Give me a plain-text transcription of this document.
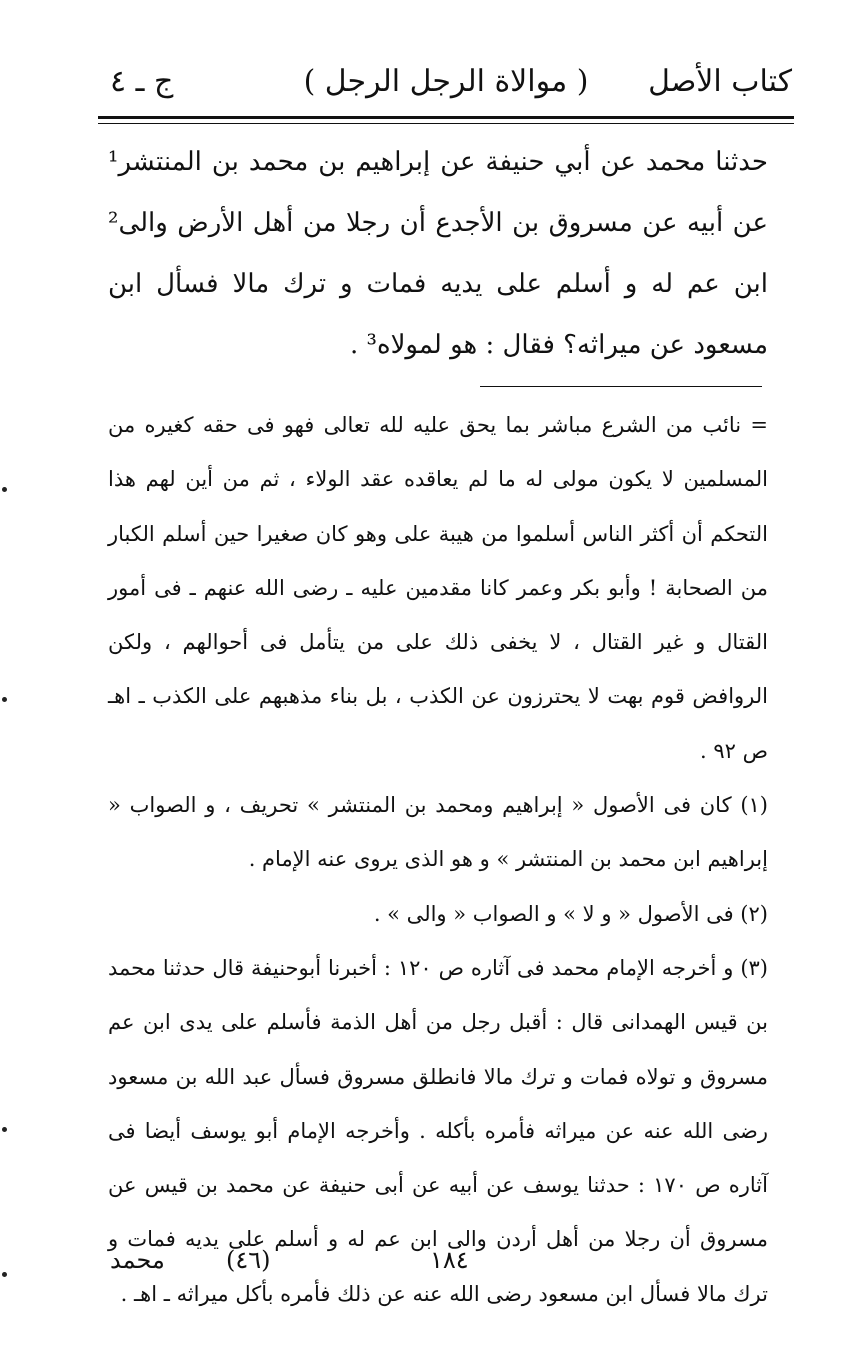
كتاب الأصل
( موالاة الرجل الرجل )
ج ـ ٤

حدثنا محمد عن أبي حنيفة عن إبراهيم بن محمد بن المنتشر¹ عن أبيه عن مسروق بن الأجدع أن رجلا من أهل الأرض والى² ابن عم له و أسلم على يديه فمات و ترك مالا فسأل ابن مسعود عن ميراثه؟ فقال : هو لمولاه³ .

= نائب من الشرع مباشر بما يحق عليه لله تعالى فهو فى حقه كغيره من المسلمين لا يكون مولى له ما لم يعاقده عقد الولاء ، ثم من أين لهم هذا التحكم أن أكثر الناس أسلموا من هيبة على وهو كان صغيرا حين أسلم الكبار من الصحابة ! وأبو بكر وعمر كانا مقدمين عليه ـ رضى الله عنهم ـ فى أمور القتال و غير القتال ، لا يخفى ذلك على من يتأمل فى أحوالهم ، ولكن الروافض قوم بهت لا يحترزون عن الكذب ، بل بناء مذهبهم على الكذب ـ اهـ ص ٩٢ .

(١) كان فى الأصول « إبراهيم ومحمد بن المنتشر » تحريف ، و الصواب « إبراهيم ابن محمد بن المنتشر » و هو الذى يروى عنه الإمام .

(٢) فى الأصول « و لا » و الصواب « والى » .

(٣) و أخرجه الإمام محمد فى آثاره ص ١٢٠ : أخبرنا أبوحنيفة قال حدثنا محمد بن قيس الهمدانى قال : أقبل رجل من أهل الذمة فأسلم على يدى ابن عم مسروق و تولاه فمات و ترك مالا فانطلق مسروق فسأل عبد الله بن مسعود رضى الله عنه عن ميراثه فأمره بأكله . وأخرجه الإمام أبو يوسف أيضا فى آثاره ص ١٧٠ : حدثنا يوسف عن أبيه عن أبى حنيفة عن محمد بن قيس عن مسروق أن رجلا من أهل أردن والى ابن عم له و أسلم على يديه فمات و ترك مالا فسأل ابن مسعود رضى الله عنه عن ذلك فأمره بأكل ميراثه ـ اهـ .

١٨٤
(٤٦)
محمد
